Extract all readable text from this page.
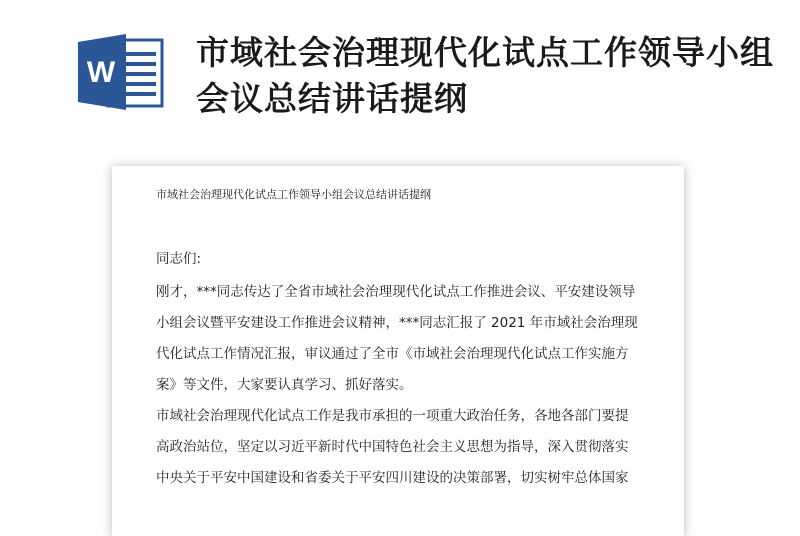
W
市域社会治理现代化试点工作领导小组会议总结讲话提纲
市域社会治理现代化试点工作领导小组会议总结讲话提纲

同志们:

刚才，***同志传达了全省市域社会治理现代化试点工作推进会议、平安建设领导

小组会议暨平安建设工作推进会议精神，***同志汇报了 2021 年市域社会治理现

代化试点工作情况汇报，审议通过了全市《市域社会治理现代化试点工作实施方

案》等文件，大家要认真学习、抓好落实。

市域社会治理现代化试点工作是我市承担的一项重大政治任务，各地各部门要提

高政治站位，坚定以习近平新时代中国特色社会主义思想为指导，深入贯彻落实

中央关于平安中国建设和省委关于平安四川建设的决策部署，切实树牢总体国家
